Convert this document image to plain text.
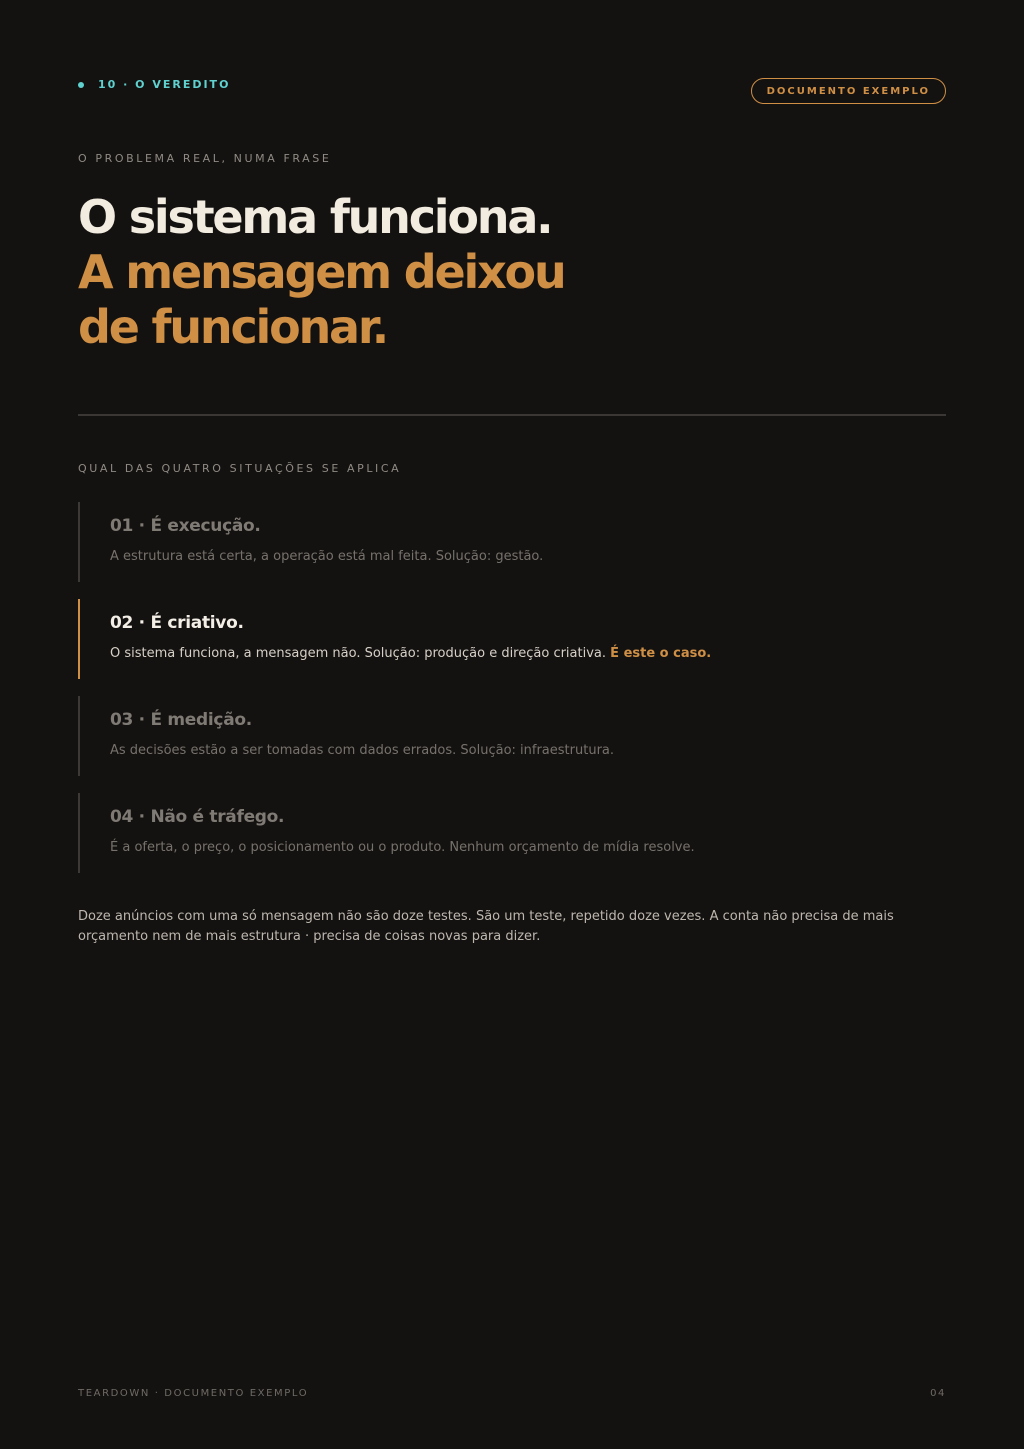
10 · O VEREDITO	DOCUMENTO EXEMPLO
O PROBLEMA REAL, NUMA FRASE
O sistema funciona.
A mensagem deixou
de funcionar.
QUAL DAS QUATRO SITUAÇÕES SE APLICA
01 · É execução.
A estrutura está certa, a operação está mal feita. Solução: gestão.
02 · É criativo.
O sistema funciona, a mensagem não. Solução: produção e direção criativa. É este o caso.
03 · É medição.
As decisões estão a ser tomadas com dados errados. Solução: infraestrutura.
04 · Não é tráfego.
É a oferta, o preço, o posicionamento ou o produto. Nenhum orçamento de mídia resolve.
Doze anúncios com uma só mensagem não são doze testes. São um teste, repetido doze vezes. A conta não precisa de mais orçamento nem de mais estrutura · precisa de coisas novas para dizer.
TEARDOWN · DOCUMENTO EXEMPLO	04
